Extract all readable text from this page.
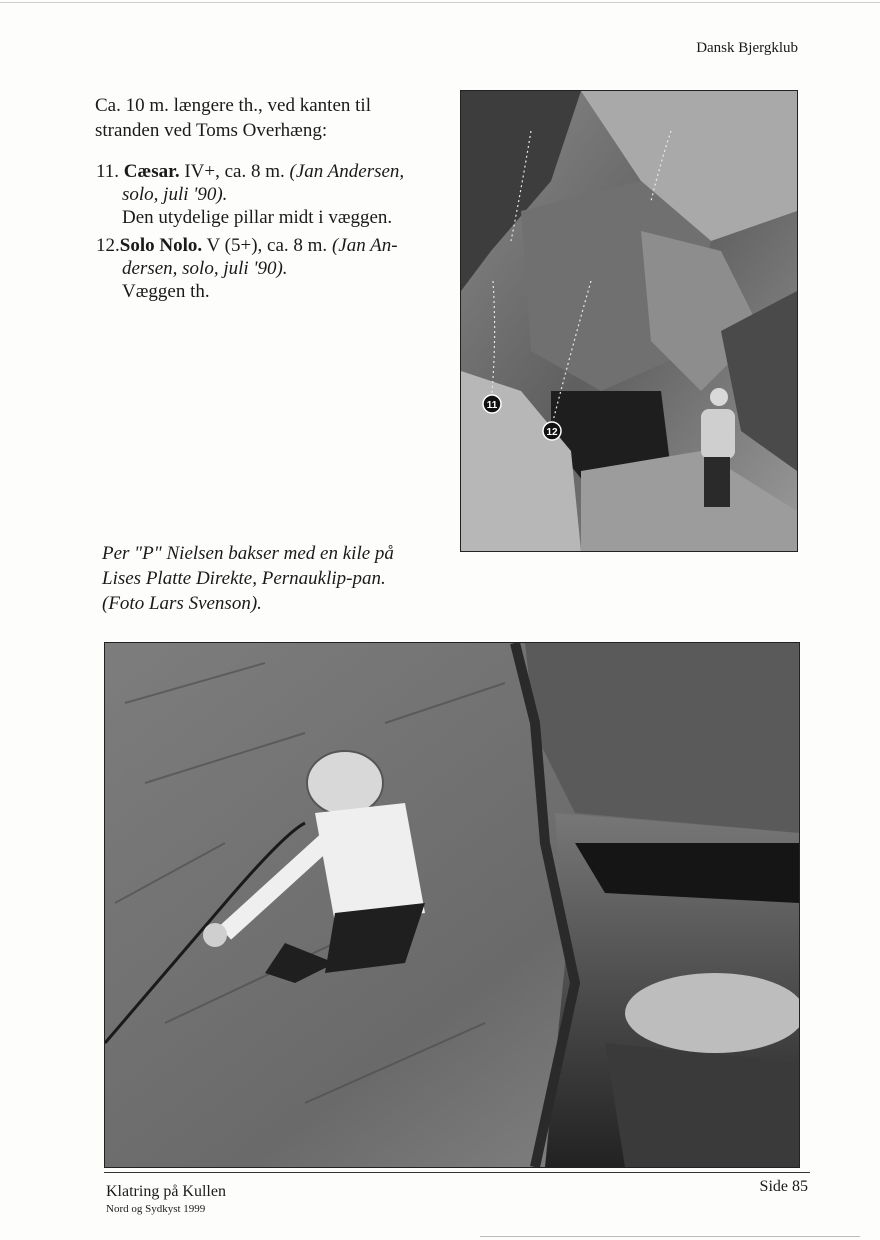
Dansk Bjergklub
Ca. 10 m. længere th., ved kanten til stranden ved Toms Overhæng:
11. Cæsar. IV+, ca. 8 m. (Jan Andersen,
solo, juli '90).
Den utydelige pillar midt i væggen.
12.Solo Nolo. V (5+), ca. 8 m. (Jan An-
dersen, solo, juli '90).
Væggen th.
11
12
Per "P" Nielsen bakser med en kile på Lises Platte Direkte, Pernauklip-pan. (Foto Lars Svenson).
Klatring på Kullen
Nord og Sydkyst 1999
Side 85
